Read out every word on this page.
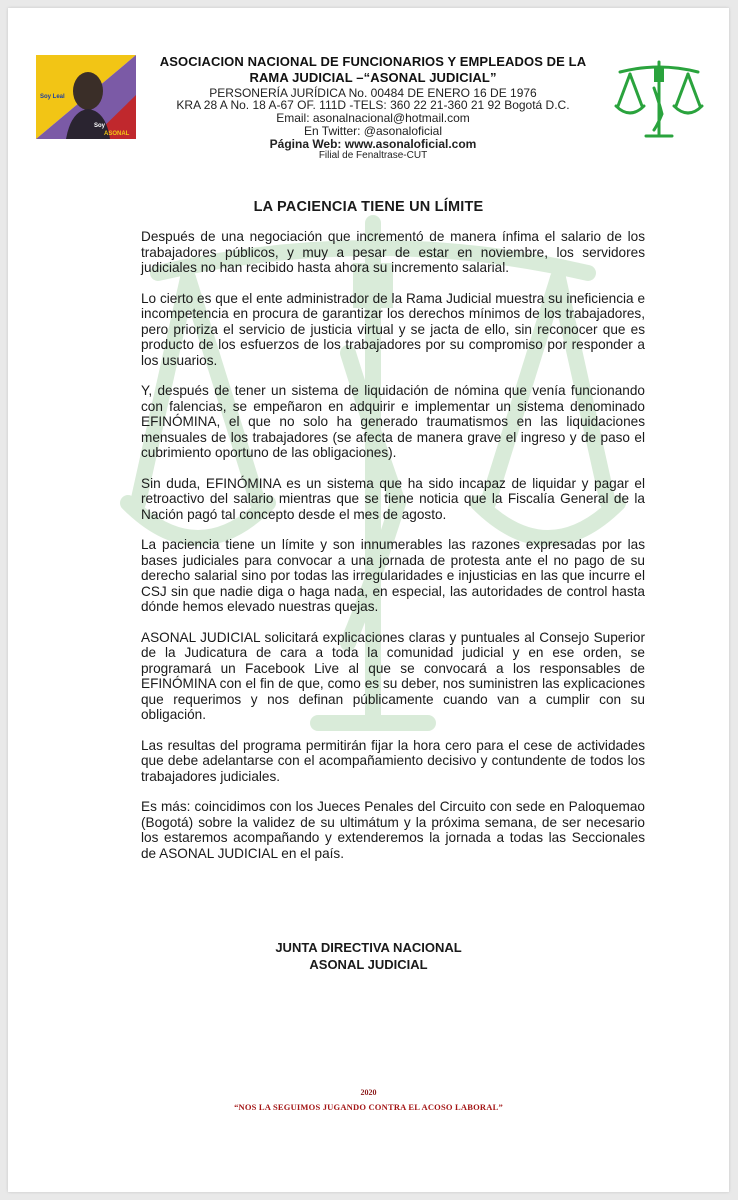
Soy Leal
Soy
ASONAL
ASOCIACION NACIONAL DE FUNCIONARIOS Y EMPLEADOS DE LA
RAMA JUDICIAL –“ASONAL JUDICIAL”
PERSONERÍA JURÍDICA No. 00484 DE ENERO 16 DE 1976
KRA 28 A No. 18 A-67 OF. 111D -TELS: 360 22 21-360 21 92 Bogotá D.C.
Email: asonalnacional@hotmail.com
En Twitter: @asonaloficial
Página Web: www.asonaloficial.com
Filial de Fenaltrase-CUT
LA PACIENCIA TIENE UN LÍMITE

Después de una negociación que incrementó de manera ínfima el salario de los trabajadores públicos, y muy a pesar de estar en noviembre, los servidores judiciales no han recibido hasta ahora su incremento salarial.

Lo cierto es que el ente administrador de la Rama Judicial muestra su ineficiencia e incompetencia en procura de garantizar los derechos mínimos de los trabajadores, pero prioriza el servicio de justicia virtual y se jacta de ello, sin reconocer que es producto de los esfuerzos de los trabajadores por su compromiso por responder a los usuarios.

Y, después de tener un sistema de liquidación de nómina que venía funcionando con falencias, se empeñaron en adquirir e implementar un sistema denominado EFINÓMINA, el que no solo ha generado traumatismos en las liquidaciones mensuales de los trabajadores (se afecta de manera grave el ingreso y de paso el cubrimiento oportuno de las obligaciones).

Sin duda, EFINÓMINA es un sistema que ha sido incapaz de liquidar y pagar el retroactivo del salario mientras que se tiene noticia que la Fiscalía General de la Nación pagó tal concepto desde el mes de agosto.

La paciencia tiene un límite y son innumerables las razones expresadas por las bases judiciales para convocar a una jornada de protesta ante el no pago de su derecho salarial sino por todas las irregularidades e injusticias en las que incurre el CSJ sin que nadie diga o haga nada, en especial, las autoridades de control hasta dónde hemos elevado nuestras quejas.

ASONAL JUDICIAL solicitará explicaciones claras y puntuales al Consejo Superior de la Judicatura de cara a toda la comunidad judicial y en ese orden, se programará un Facebook Live al que se convocará a los responsables de EFINÓMINA con el fin de que, como es su deber, nos suministren las explicaciones que requerimos y nos definan públicamente cuando van a cumplir con su obligación.

Las resultas del programa permitirán fijar la hora cero para el cese de actividades que debe adelantarse con el acompañamiento decisivo y contundente de todos los trabajadores judiciales.

Es más: coincidimos con los Jueces Penales del Circuito con sede en Paloquemao (Bogotá) sobre la validez de su ultimátum y la próxima semana, de ser necesario los estaremos acompañando y extenderemos la jornada a todas las Seccionales de ASONAL JUDICIAL en el país.

JUNTA DIRECTIVA NACIONAL
ASONAL JUDICIAL
2020
“NOS LA SEGUIMOS JUGANDO CONTRA EL ACOSO LABORAL”
